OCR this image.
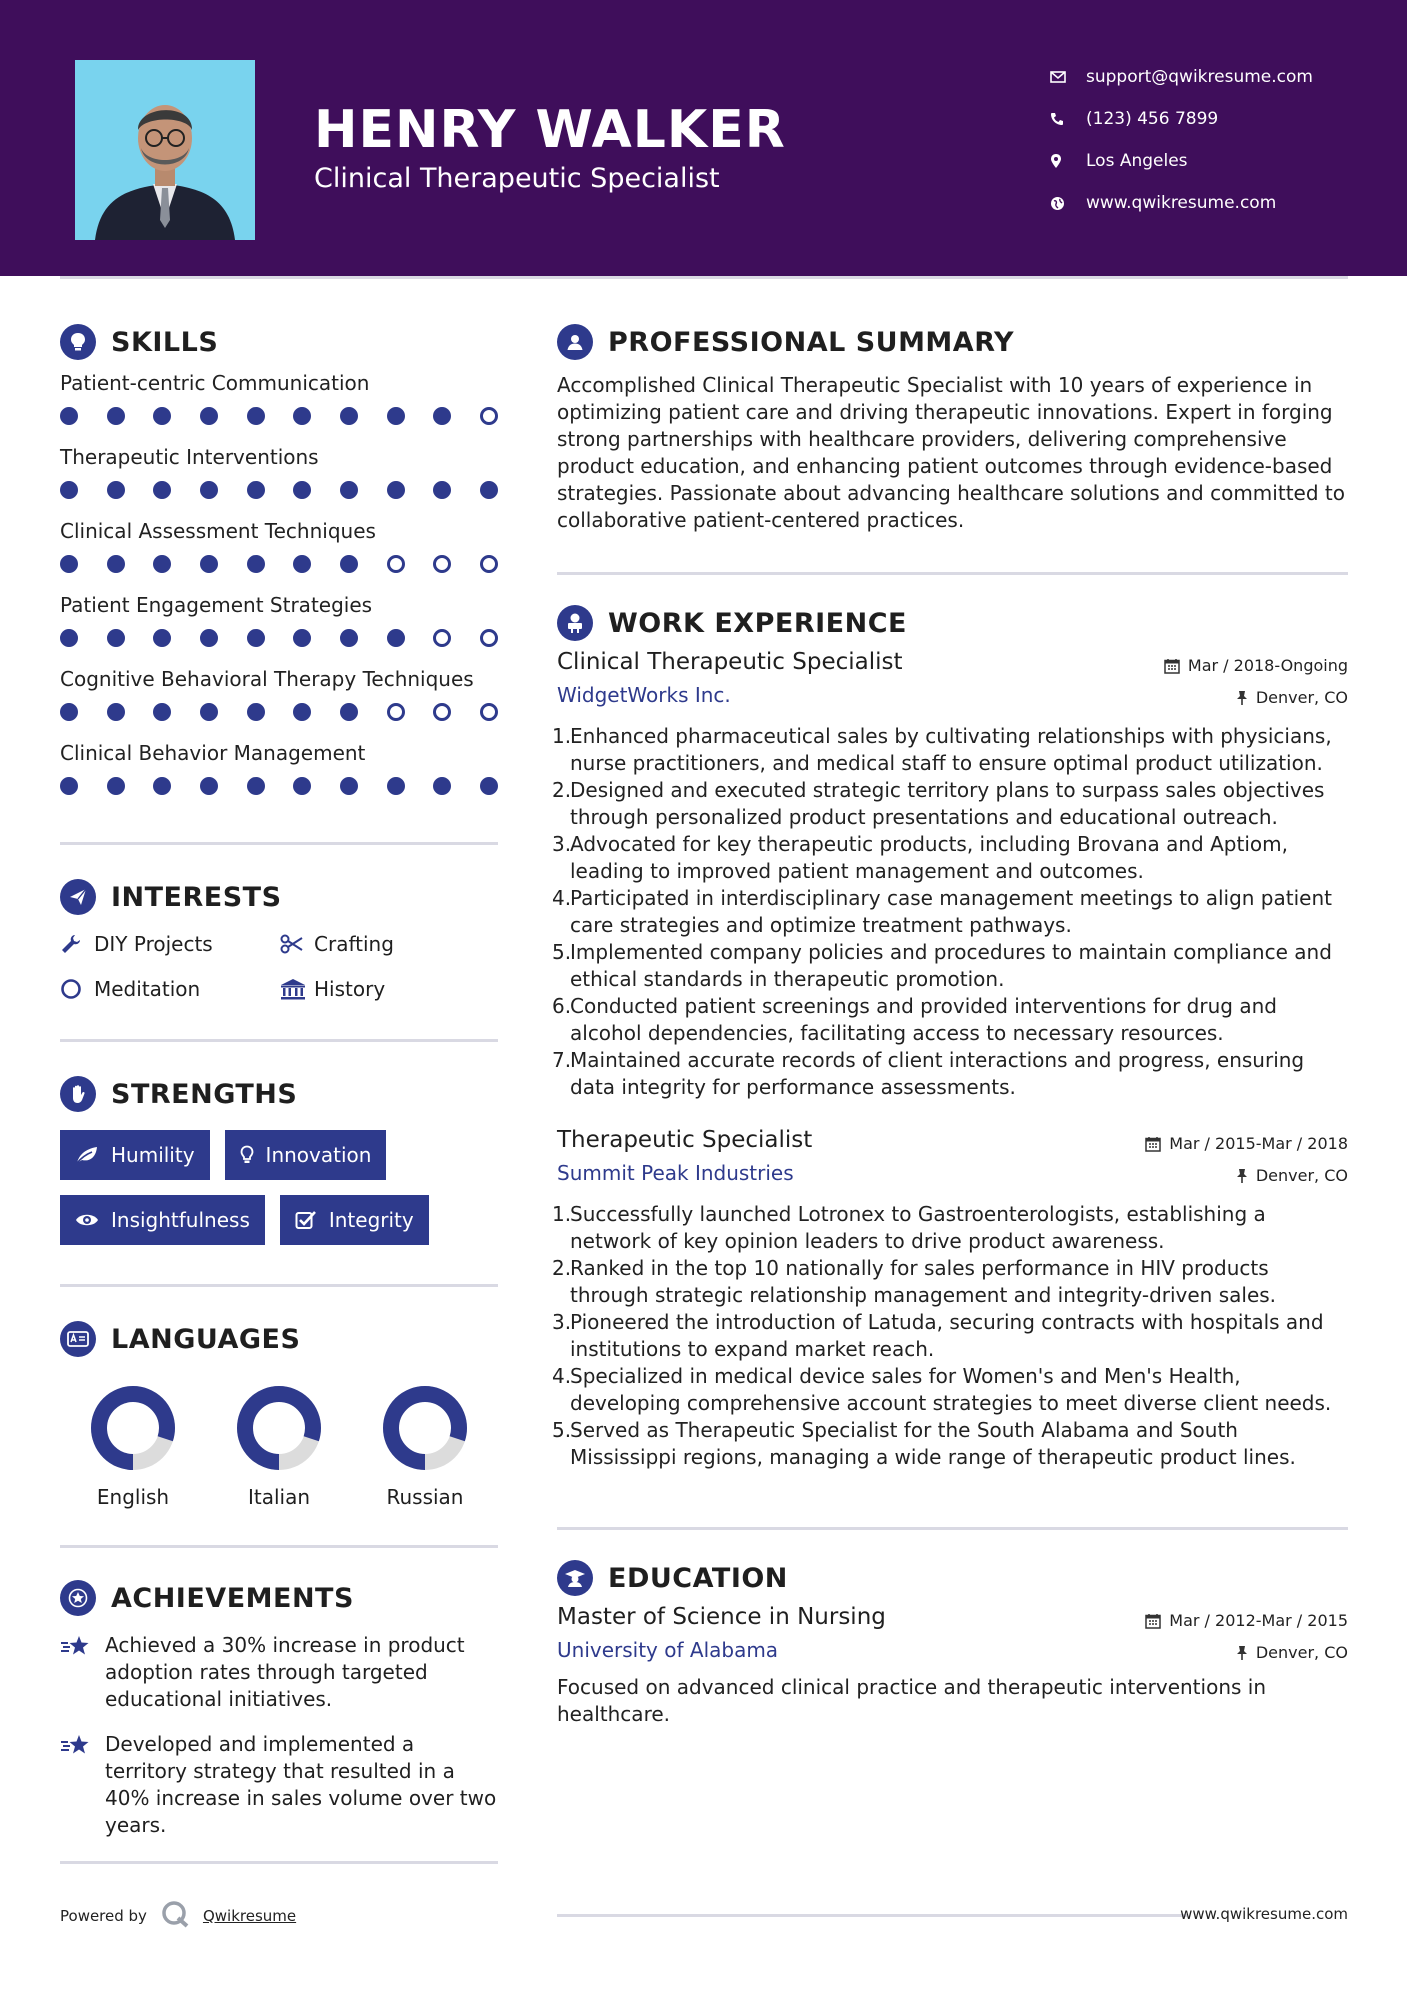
HENRY WALKER
Clinical Therapeutic Specialist
support@qwikresume.com
(123) 456 7899
Los Angeles
www.qwikresume.com
SKILLS
Patient-centric Communication
Therapeutic Interventions
Clinical Assessment Techniques
Patient Engagement Strategies
Cognitive Behavioral Therapy Techniques
Clinical Behavior Management
INTERESTS
DIY Projects	Crafting
Meditation	History
STRENGTHS
Humility	Innovation
Insightfulness	Integrity
LANGUAGES
English	Italian	Russian
ACHIEVEMENTS
Achieved a 30% increase in product adoption rates through targeted educational initiatives.
Developed and implemented a territory strategy that resulted in a 40% increase in sales volume over two years.
Powered by	Qwikresume
PROFESSIONAL SUMMARY
Accomplished Clinical Therapeutic Specialist with 10 years of experience in optimizing patient care and driving therapeutic innovations. Expert in forging strong partnerships with healthcare providers, delivering comprehensive product education, and enhancing patient outcomes through evidence-based strategies. Passionate about advancing healthcare solutions and committed to collaborative patient-centered practices.
WORK EXPERIENCE
Clinical Therapeutic Specialist	Mar / 2018-Ongoing
WidgetWorks Inc.	Denver, CO
1.
Enhanced pharmaceutical sales by cultivating relationships with physicians, nurse practitioners, and medical staff to ensure optimal product utilization.
2.
Designed and executed strategic territory plans to surpass sales objectives through personalized product presentations and educational outreach.
3.
Advocated for key therapeutic products, including Brovana and Aptiom, leading to improved patient management and outcomes.
4.
Participated in interdisciplinary case management meetings to align patient care strategies and optimize treatment pathways.
5.
Implemented company policies and procedures to maintain compliance and ethical standards in therapeutic promotion.
6.
Conducted patient screenings and provided interventions for drug and alcohol dependencies, facilitating access to necessary resources.
7.
Maintained accurate records of client interactions and progress, ensuring data integrity for performance assessments.
Therapeutic Specialist	Mar / 2015-Mar / 2018
Summit Peak Industries	Denver, CO
1.
Successfully launched Lotronex to Gastroenterologists, establishing a network of key opinion leaders to drive product awareness.
2.
Ranked in the top 10 nationally for sales performance in HIV products through strategic relationship management and integrity-driven sales.
3.
Pioneered the introduction of Latuda, securing contracts with hospitals and institutions to expand market reach.
4.
Specialized in medical device sales for Women's and Men's Health, developing comprehensive account strategies to meet diverse client needs.
5.
Served as Therapeutic Specialist for the South Alabama and South Mississippi regions, managing a wide range of therapeutic product lines.
EDUCATION
Master of Science in Nursing	Mar / 2012-Mar / 2015
University of Alabama	Denver, CO
Focused on advanced clinical practice and therapeutic interventions in healthcare.
www.qwikresume.com
